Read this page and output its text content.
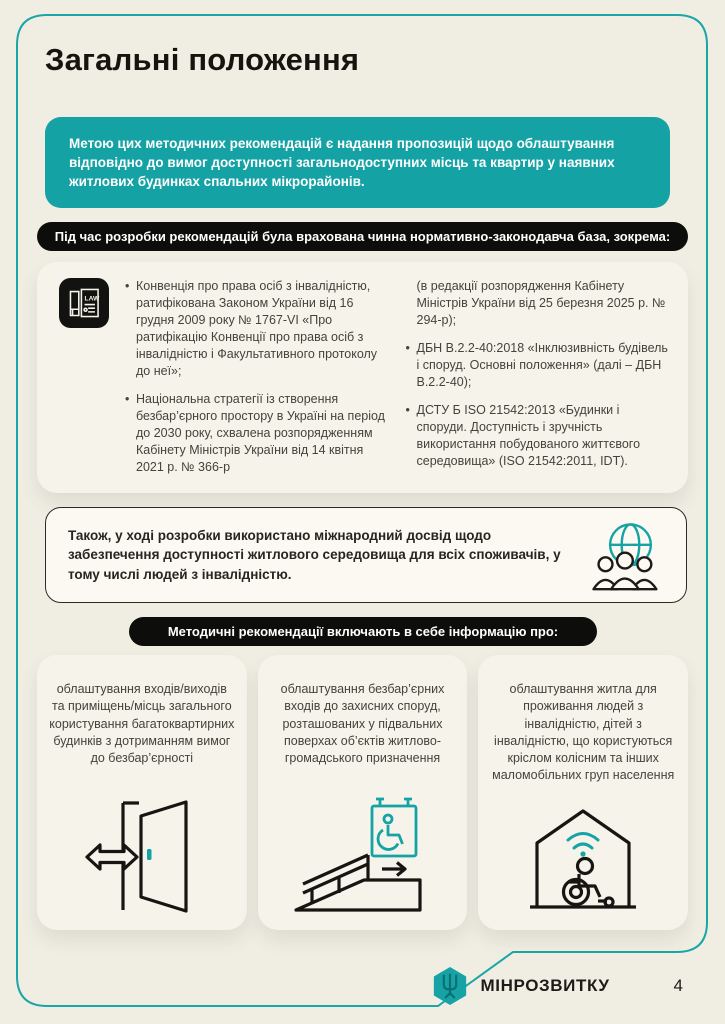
Загальні положення

Метою цих методичних рекомендацій є надання пропозицій щодо облаштування відповідно до вимог доступності загальнодоступних місць та квартир у наявних житлових будинках спальних мікрорайонів.

Під час розробки рекомендацій була врахована чинна нормативно-законодавча база, зокрема:
LAW
• Конвенція про права осіб з інвалідністю, ратифікована Законом України від 16 грудня 2009 року № 1767-VI «Про ратифікацію Конвенції про права осіб з інвалідністю і Факультативного протоколу до неї»;
• Національна стратегії із створення безбар’єрного простору в Україні на період до 2030 року, схвалена розпорядженням Кабінету Міністрів України від 14 квітня 2021 р. № 366-р

(в редакції розпорядження Кабінету Міністрів України від 25 березня 2025 р. № 294-р);

• ДБН В.2.2-40:2018 «Інклюзивність будівель і споруд. Основні положення» (далі – ДБН В.2.2-40);
• ДСТУ Б ISO 21542:2013 «Будинки і споруди. Доступність і зручність використання побудованого життєвого середовища» (ISO 21542:2011, IDT).

Також, у ході розробки використано міжнародний досвід щодо забезпечення доступності житлового середовища для всіх споживачів, у тому числі людей з інвалідністю.

Методичні рекомендації включають в себе інформацію про:

облаштування входів/виходів та приміщень/місць загального користування багатоквартирних будинків з дотриманням вимог до безбар’єрності

облаштування безбар’єрних входів до захисних споруд, розташованих у підвальних поверхах об’єктів житлово-громадського призначення

облаштування житла для проживання людей з інвалідністю, дітей з інвалідністю, що користуються кріслом колісним та інших маломобільних груп населення

МІНРОЗВИТКУ	4
